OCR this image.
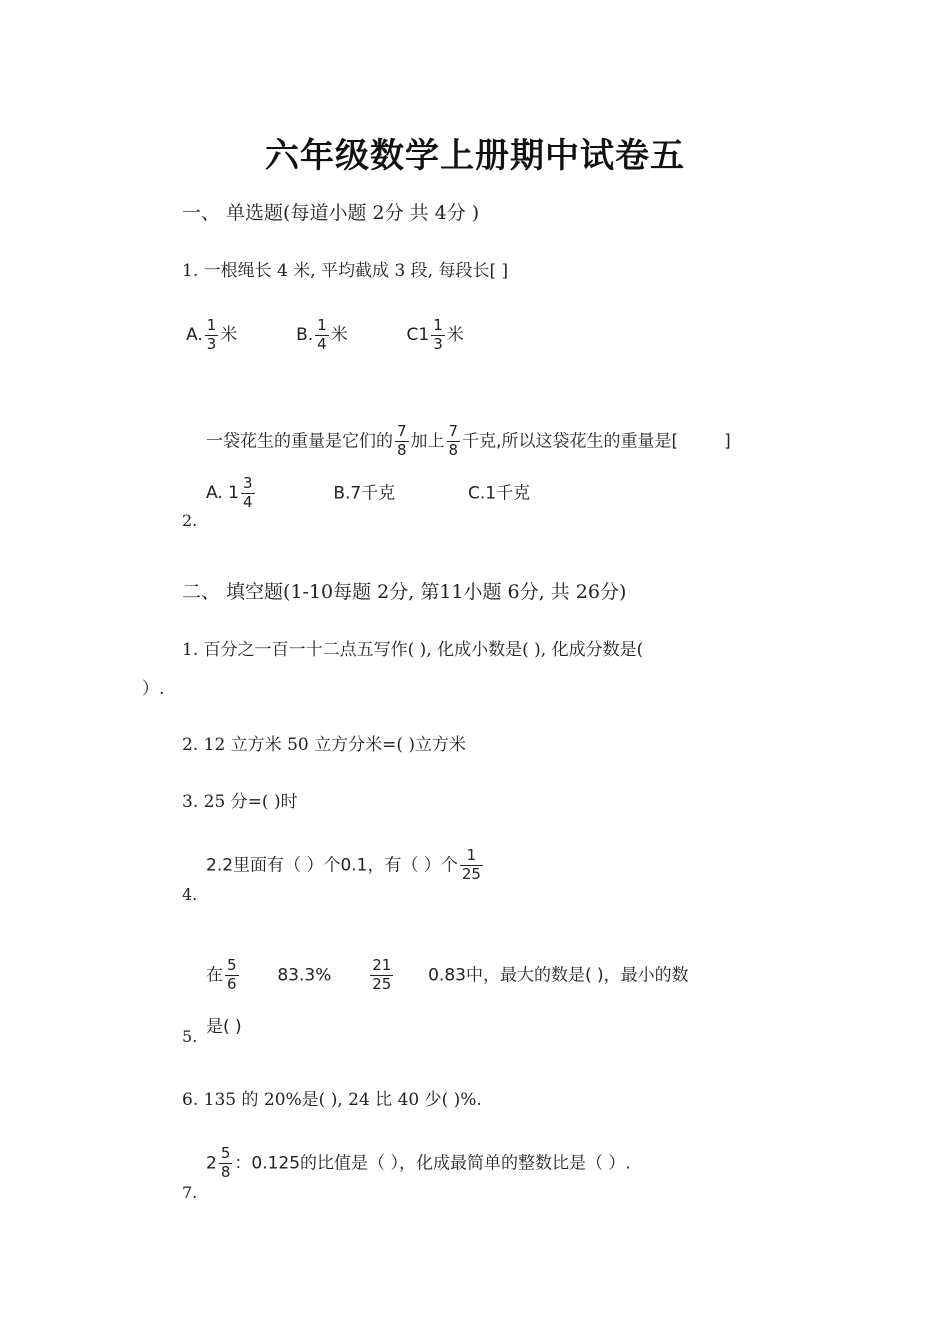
六年级数学上册期中试卷五
一、 单选题(每道小题 2分 共 4分 )
1. 一根绳长 4 米, 平均截成 3 段, 每段长[ ]
A. $\frac{1}{3}$ 米	B. $\frac{1}{4}$ 米	$C1 \frac{1}{3}$ 米
一袋花生的重量是它们的 $\frac{7}{8}$ 加上 $\frac{7}{8}$ 千克,所以这袋花生的重量是[	]
A. $1 \frac{3}{4}$	B.7千克	C.1千克
2.
二、 填空题(1-10每题 2分, 第11小题 6分, 共 26分)
1. 百分之一百一十二点五写作( ), 化成小数是( ), 化成分数是(
）.
2. 12 立方米 50 立方分米=( )立方米
3. 25 分=( )时
2.2里面有（ ）个0.1，有（ ）个 $\frac{1}{25}$
4.
在 $\frac{5}{6} 83.3\%$	$\frac{21}{25} 0.83$中，最大的数是( )，最小的数
是( )
5.
6. 135 的 20%是( ), 24 比 40 少( )%.
$2 \frac{5}{8}$ ：0.125的比值是（ ），化成最简单的整数比是（ ）.
7.
